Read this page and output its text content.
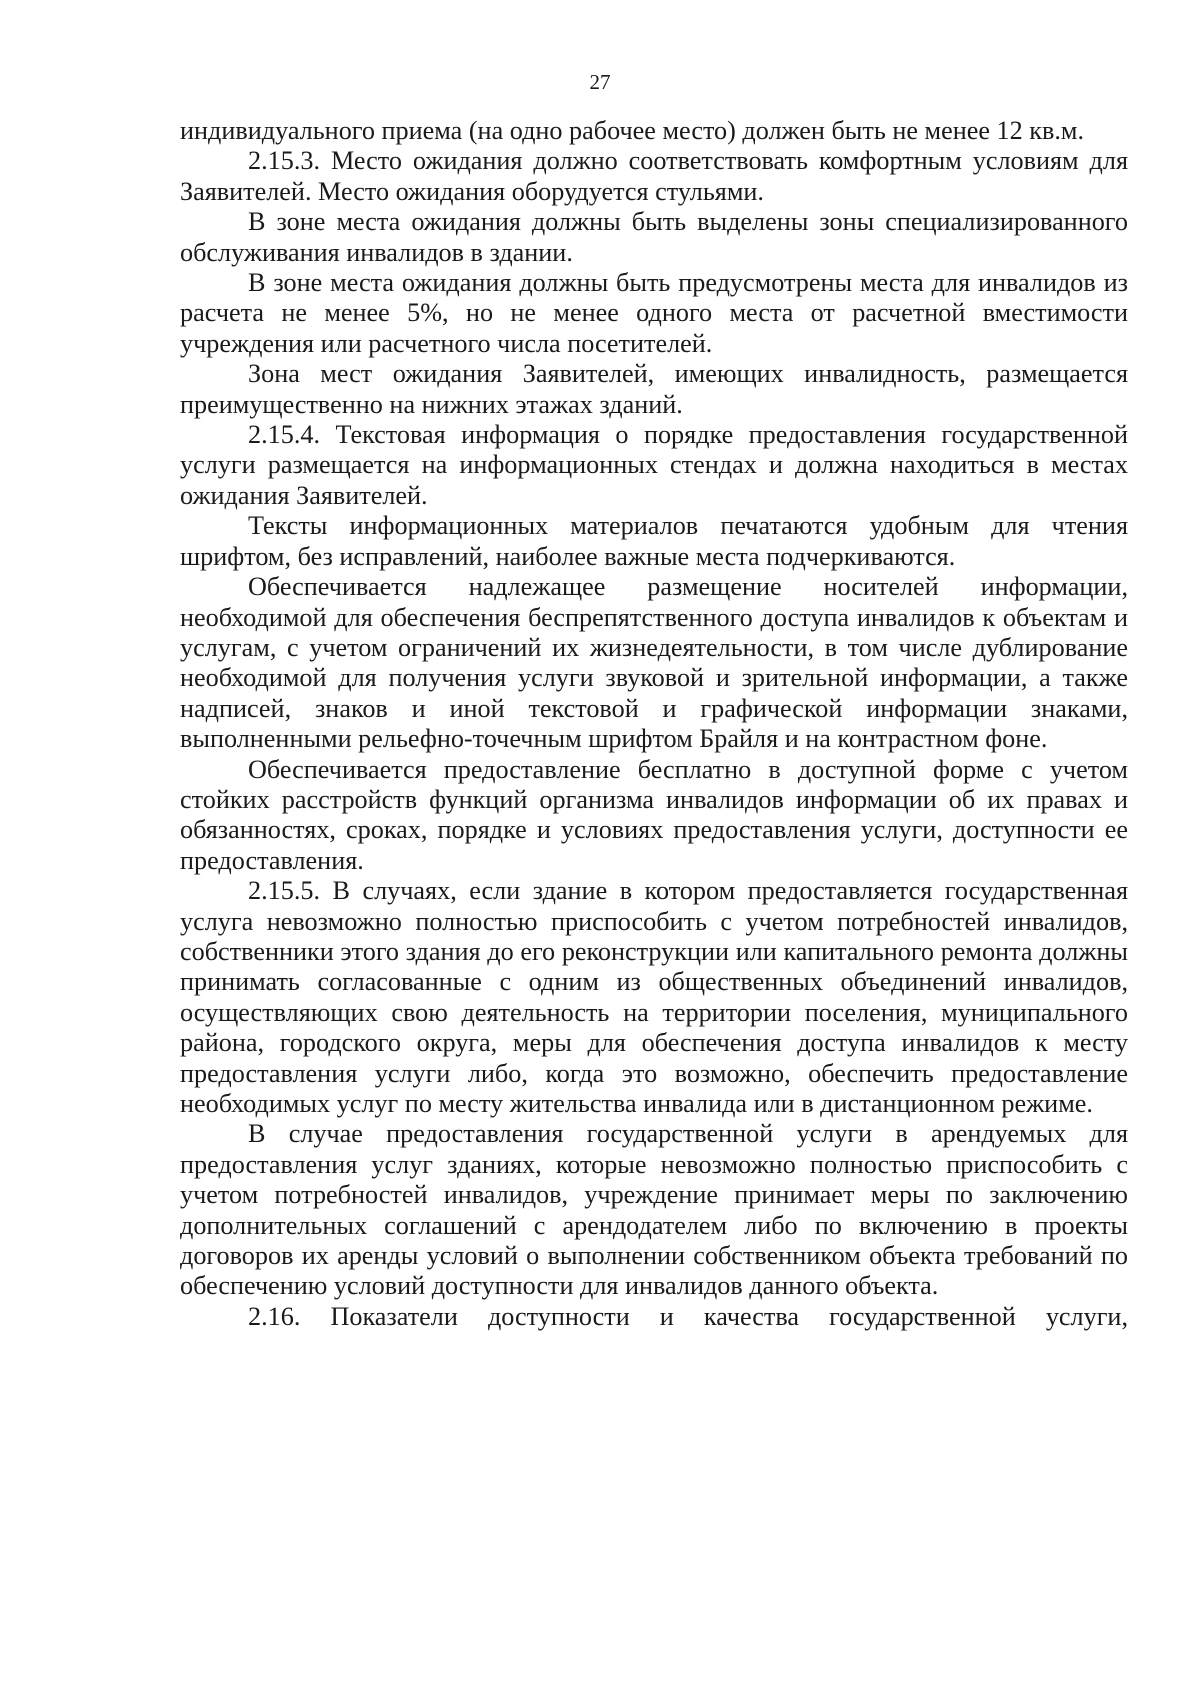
27

индивидуального приема (на одно рабочее место) должен быть не менее 12 кв.м.

2.15.3. Место ожидания должно соответствовать комфортным условиям для Заявителей. Место ожидания оборудуется стульями.

В зоне места ожидания должны быть выделены зоны специализированного обслуживания инвалидов в здании.

В зоне места ожидания должны быть предусмотрены места для инвалидов из расчета не менее 5%, но не менее одного места от расчетной вместимости учреждения или расчетного числа посетителей.

Зона мест ожидания Заявителей, имеющих инвалидность, размещается преимущественно на нижних этажах зданий.

2.15.4. Текстовая информация о порядке предоставления государственной услуги размещается на информационных стендах и должна находиться в местах ожидания Заявителей.

Тексты информационных материалов печатаются удобным для чтения шрифтом, без исправлений, наиболее важные места подчеркиваются.

Обеспечивается надлежащее размещение носителей информации, необходимой для обеспечения беспрепятственного доступа инвалидов к объектам и услугам, с учетом ограничений их жизнедеятельности, в том числе дублирование необходимой для получения услуги звуковой и зрительной информации, а также надписей, знаков и иной текстовой и графической информации знаками, выполненными рельефно-точечным шрифтом Брайля и на контрастном фоне.

Обеспечивается предоставление бесплатно в доступной форме с учетом стойких расстройств функций организма инвалидов информации об их правах и обязанностях, сроках, порядке и условиях предоставления услуги, доступности ее предоставления.

2.15.5. В случаях, если здание в котором предоставляется государственная услуга невозможно полностью приспособить с учетом потребностей инвалидов, собственники этого здания до его реконструкции или капитального ремонта должны принимать согласованные с одним из общественных объединений инвалидов, осуществляющих свою деятельность на территории поселения, муниципального района, городского округа, меры для обеспечения доступа инвалидов к месту предоставления услуги либо, когда это возможно, обеспечить предоставление необходимых услуг по месту жительства инвалида или в дистанционном режиме.

В случае предоставления государственной услуги в арендуемых для предоставления услуг зданиях, которые невозможно полностью приспособить с учетом потребностей инвалидов, учреждение принимает меры по заключению дополнительных соглашений с арендодателем либо по включению в проекты договоров их аренды условий о выполнении собственником объекта требований по обеспечению условий доступности для инвалидов данного объекта.

2.16. Показатели доступности и качества государственной услуги,
